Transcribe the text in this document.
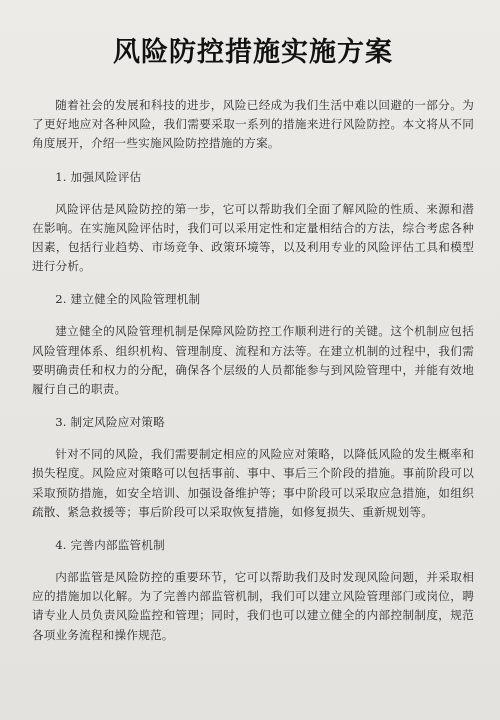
风险防控措施实施方案

随着社会的发展和科技的进步，风险已经成为我们生活中难以回避的一部分。为了更好地应对各种风险，我们需要采取一系列的措施来进行风险防控。本文将从不同角度展开，介绍一些实施风险防控措施的方案。

1. 加强风险评估

风险评估是风险防控的第一步，它可以帮助我们全面了解风险的性质、来源和潜在影响。在实施风险评估时，我们可以采用定性和定量相结合的方法，综合考虑各种因素，包括行业趋势、市场竞争、政策环境等，以及利用专业的风险评估工具和模型进行分析。

2. 建立健全的风险管理机制

建立健全的风险管理机制是保障风险防控工作顺利进行的关键。这个机制应包括风险管理体系、组织机构、管理制度、流程和方法等。在建立机制的过程中，我们需要明确责任和权力的分配，确保各个层级的人员都能参与到风险管理中，并能有效地履行自己的职责。

3. 制定风险应对策略

针对不同的风险，我们需要制定相应的风险应对策略，以降低风险的发生概率和损失程度。风险应对策略可以包括事前、事中、事后三个阶段的措施。事前阶段可以采取预防措施，如安全培训、加强设备维护等；事中阶段可以采取应急措施，如组织疏散、紧急救援等；事后阶段可以采取恢复措施，如修复损失、重新规划等。

4. 完善内部监管机制

内部监管是风险防控的重要环节，它可以帮助我们及时发现风险问题，并采取相应的措施加以化解。为了完善内部监管机制，我们可以建立风险管理部门或岗位，聘请专业人员负责风险监控和管理；同时，我们也可以建立健全的内部控制制度，规范各项业务流程和操作规范。
